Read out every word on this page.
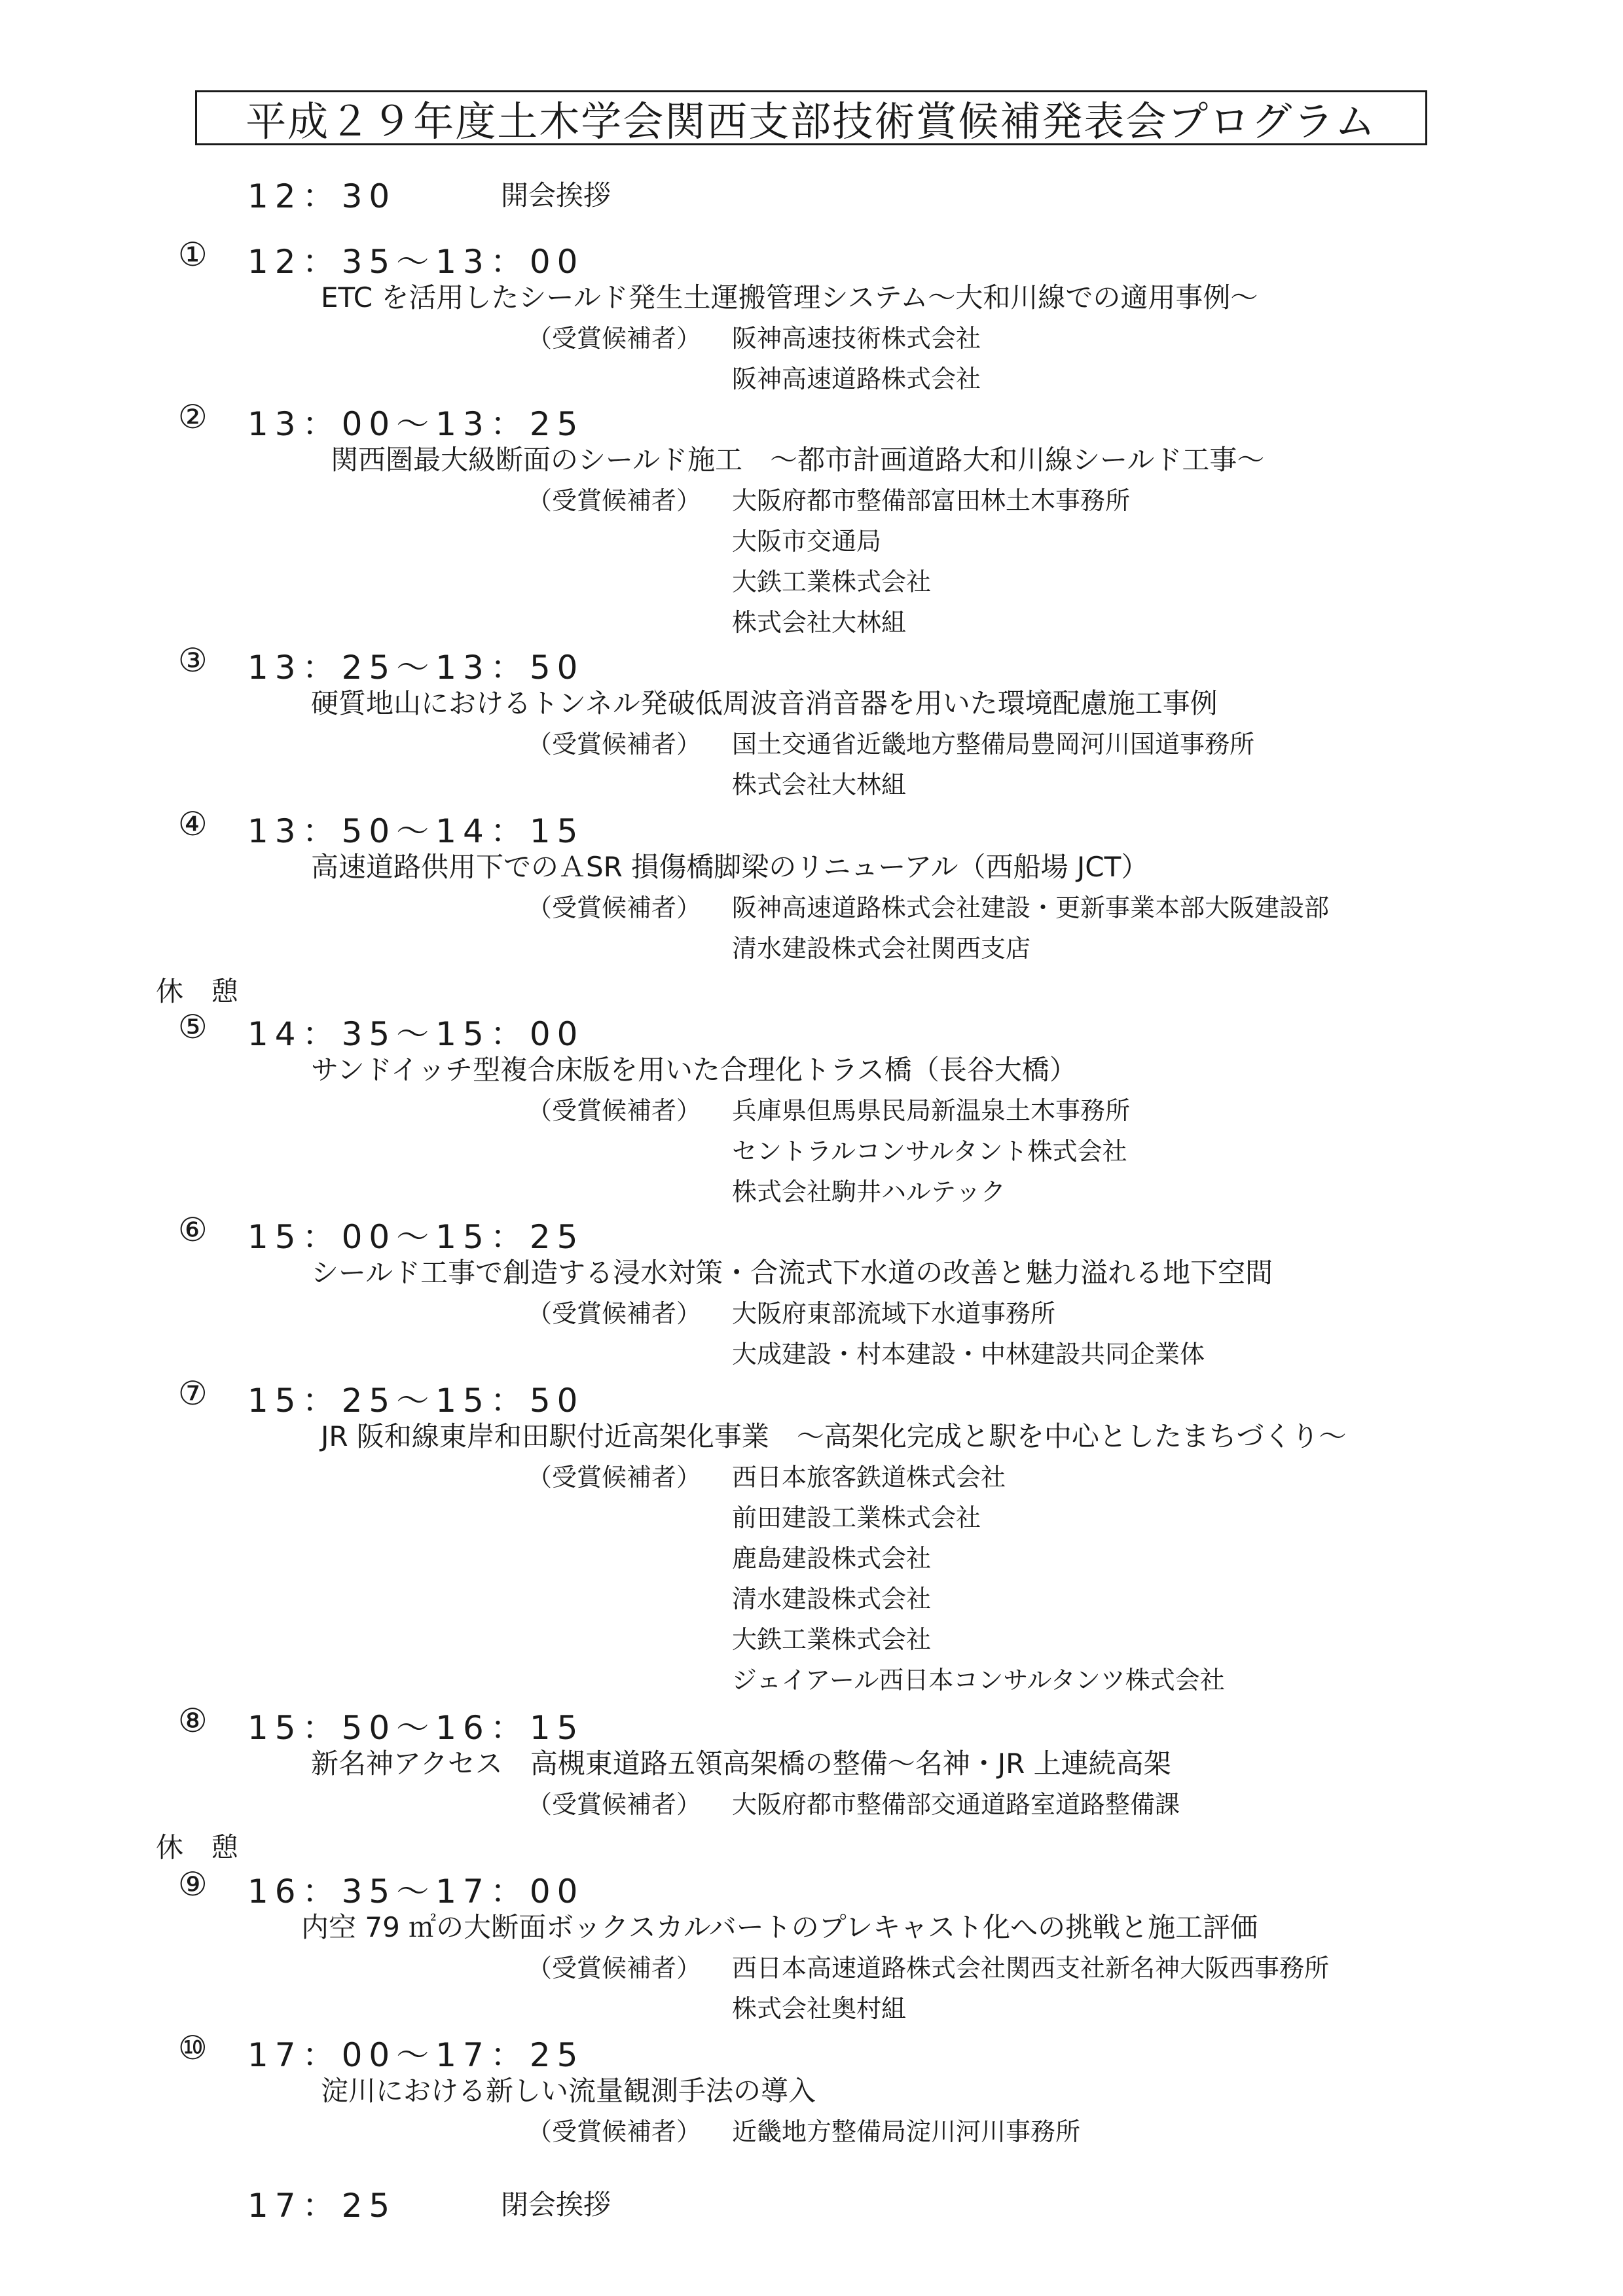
平成２９年度土木学会関西支部技術賞候補発表会プログラム
12：30	開会挨拶
① 12：35～13：00
ETC を活用したシールド発生土運搬管理システム～大和川線での適用事例～
（受賞候補者） 阪神高速技術株式会社
阪神高速道路株式会社
② 13：00～13：25
関西圏最大級断面のシールド施工　～都市計画道路大和川線シールド工事～
（受賞候補者） 大阪府都市整備部富田林土木事務所
大阪市交通局
大鉄工業株式会社
株式会社大林組
③ 13：25～13：50
硬質地山におけるトンネル発破低周波音消音器を用いた環境配慮施工事例
（受賞候補者） 国土交通省近畿地方整備局豊岡河川国道事務所
株式会社大林組
④ 13：50～14：15
高速道路供用下でのＡSR 損傷橋脚梁のリニューアル（西船場 JCT）
（受賞候補者） 阪神高速道路株式会社建設・更新事業本部大阪建設部
清水建設株式会社関西支店
休　憩
⑤ 14：35～15：00
サンドイッチ型複合床版を用いた合理化トラス橋（長谷大橋）
（受賞候補者） 兵庫県但馬県民局新温泉土木事務所
セントラルコンサルタント株式会社
株式会社駒井ハルテック
⑥ 15：00～15：25
シールド工事で創造する浸水対策・合流式下水道の改善と魅力溢れる地下空間
（受賞候補者） 大阪府東部流域下水道事務所
大成建設・村本建設・中林建設共同企業体
⑦ 15：25～15：50
JR 阪和線東岸和田駅付近高架化事業　～高架化完成と駅を中心としたまちづくり～
（受賞候補者） 西日本旅客鉄道株式会社
前田建設工業株式会社
鹿島建設株式会社
清水建設株式会社
大鉄工業株式会社
ジェイアール西日本コンサルタンツ株式会社
⑧ 15：50～16：15
新名神アクセス　高槻東道路五領高架橋の整備～名神・JR 上連続高架
（受賞候補者） 大阪府都市整備部交通道路室道路整備課
休　憩
⑨ 16：35～17：00
内空 79 ㎡の大断面ボックスカルバートのプレキャスト化への挑戦と施工評価
（受賞候補者） 西日本高速道路株式会社関西支社新名神大阪西事務所
株式会社奥村組
⑩ 17：00～17：25
淀川における新しい流量観測手法の導入
（受賞候補者） 近畿地方整備局淀川河川事務所
17：25	閉会挨拶
